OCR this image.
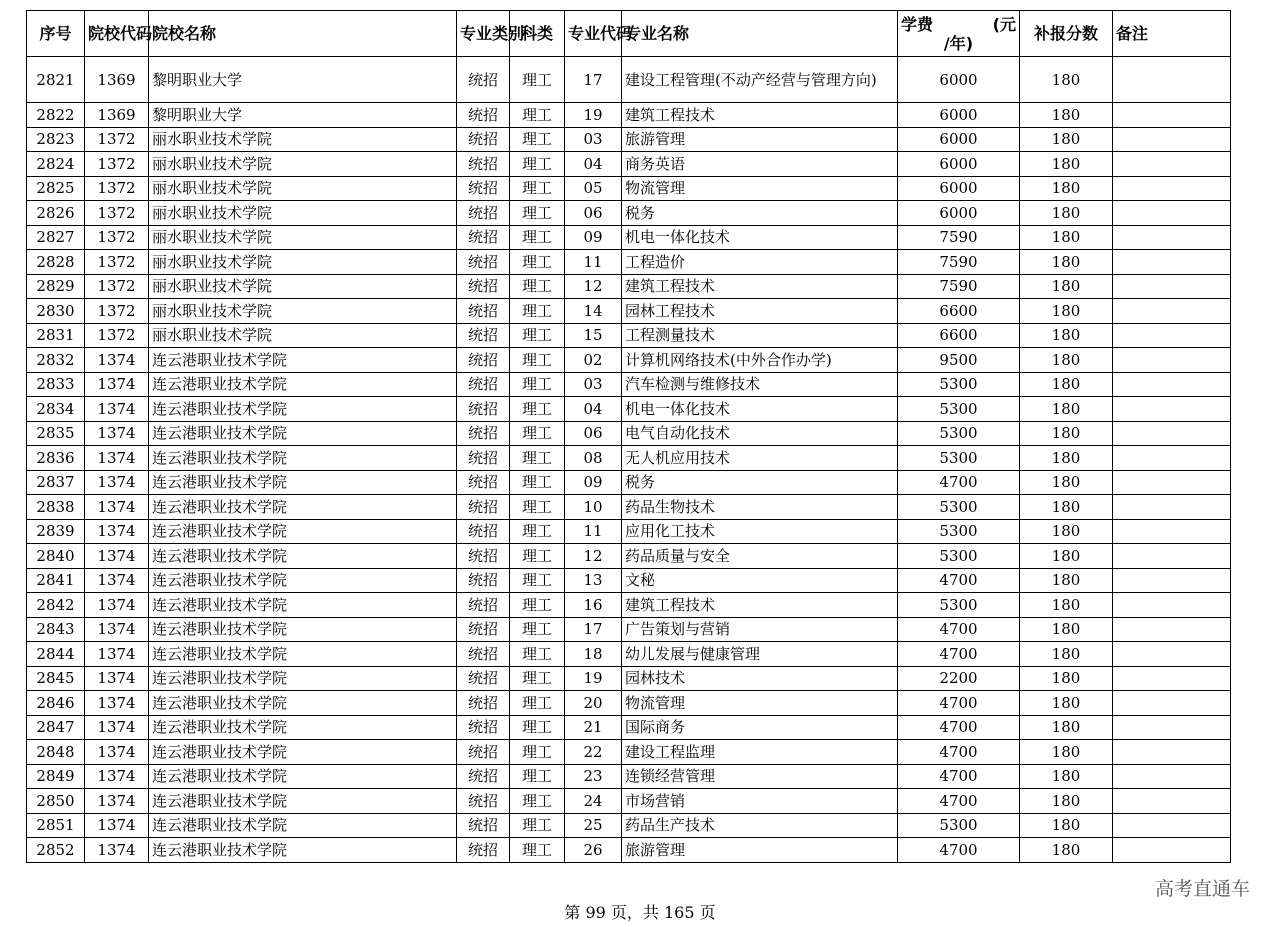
序号	院校代码	院校名称	专业类别	科类	专业代码	专业名称	学费 (元
/年)	补报分数	备注
2821	1369	黎明职业大学	统招	理工	17	建设工程管理(不动产经营与管理方向)	6000	180	
2822	1369	黎明职业大学	统招	理工	19	建筑工程技术	6000	180	
2823	1372	丽水职业技术学院	统招	理工	03	旅游管理	6000	180	
2824	1372	丽水职业技术学院	统招	理工	04	商务英语	6000	180	
2825	1372	丽水职业技术学院	统招	理工	05	物流管理	6000	180	
2826	1372	丽水职业技术学院	统招	理工	06	税务	6000	180	
2827	1372	丽水职业技术学院	统招	理工	09	机电一体化技术	7590	180	
2828	1372	丽水职业技术学院	统招	理工	11	工程造价	7590	180	
2829	1372	丽水职业技术学院	统招	理工	12	建筑工程技术	7590	180	
2830	1372	丽水职业技术学院	统招	理工	14	园林工程技术	6600	180	
2831	1372	丽水职业技术学院	统招	理工	15	工程测量技术	6600	180	
2832	1374	连云港职业技术学院	统招	理工	02	计算机网络技术(中外合作办学)	9500	180	
2833	1374	连云港职业技术学院	统招	理工	03	汽车检测与维修技术	5300	180	
2834	1374	连云港职业技术学院	统招	理工	04	机电一体化技术	5300	180	
2835	1374	连云港职业技术学院	统招	理工	06	电气自动化技术	5300	180	
2836	1374	连云港职业技术学院	统招	理工	08	无人机应用技术	5300	180	
2837	1374	连云港职业技术学院	统招	理工	09	税务	4700	180	
2838	1374	连云港职业技术学院	统招	理工	10	药品生物技术	5300	180	
2839	1374	连云港职业技术学院	统招	理工	11	应用化工技术	5300	180	
2840	1374	连云港职业技术学院	统招	理工	12	药品质量与安全	5300	180	
2841	1374	连云港职业技术学院	统招	理工	13	文秘	4700	180	
2842	1374	连云港职业技术学院	统招	理工	16	建筑工程技术	5300	180	
2843	1374	连云港职业技术学院	统招	理工	17	广告策划与营销	4700	180	
2844	1374	连云港职业技术学院	统招	理工	18	幼儿发展与健康管理	4700	180	
2845	1374	连云港职业技术学院	统招	理工	19	园林技术	2200	180	
2846	1374	连云港职业技术学院	统招	理工	20	物流管理	4700	180	
2847	1374	连云港职业技术学院	统招	理工	21	国际商务	4700	180	
2848	1374	连云港职业技术学院	统招	理工	22	建设工程监理	4700	180	
2849	1374	连云港职业技术学院	统招	理工	23	连锁经营管理	4700	180	
2850	1374	连云港职业技术学院	统招	理工	24	市场营销	4700	180	
2851	1374	连云港职业技术学院	统招	理工	25	药品生产技术	5300	180	
2852	1374	连云港职业技术学院	统招	理工	26	旅游管理	4700	180	
高考直通车
第 99 页，共 165 页
